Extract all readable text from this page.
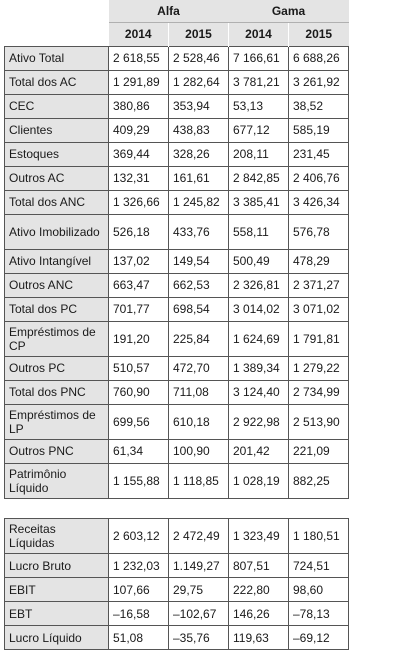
	Alfa		Gama	
	2014	2015	2014	2015
Ativo Total	2 618,55	2 528,46	7 166,61	6 688,26
Total dos AC	1 291,89	1 282,64	3 781,21	3 261,92
CEC	380,86	353,94	53,13	38,52
Clientes	409,29	438,83	677,12	585,19
Estoques	369,44	328,26	208,11	231,45
Outros AC	132,31	161,61	2 842,85	2 406,76
Total dos ANC	1 326,66	1 245,82	3 385,41	3 426,34
Ativo Imobilizado	526,18	433,76	558,11	576,78
Ativo Intangível	137,02	149,54	500,49	478,29
Outros ANC	663,47	662,53	2 326,81	2 371,27
Total dos PC	701,77	698,54	3 014,02	3 071,02
Empréstimos de CP	191,20	225,84	1 624,69	1 791,81
Outros PC	510,57	472,70	1 389,34	1 279,22
Total dos PNC	760,90	711,08	3 124,40	2 734,99
Empréstimos de LP	699,56	610,18	2 922,98	2 513,90
Outros PNC	61,34	100,90	201,42	221,09
Patrimônio Líquido	1 155,88	1 118,85	1 028,19	882,25
Receitas Líquidas	2 603,12	2 472,49	1 323,49	1 180,51
Lucro Bruto	1 232,03	1.149,27	807,51	724,51
EBIT	107,66	29,75	222,80	98,60
EBT	–16,58	–102,67	146,26	–78,13
Lucro Líquido	51,08	–35,76	119,63	–69,12
